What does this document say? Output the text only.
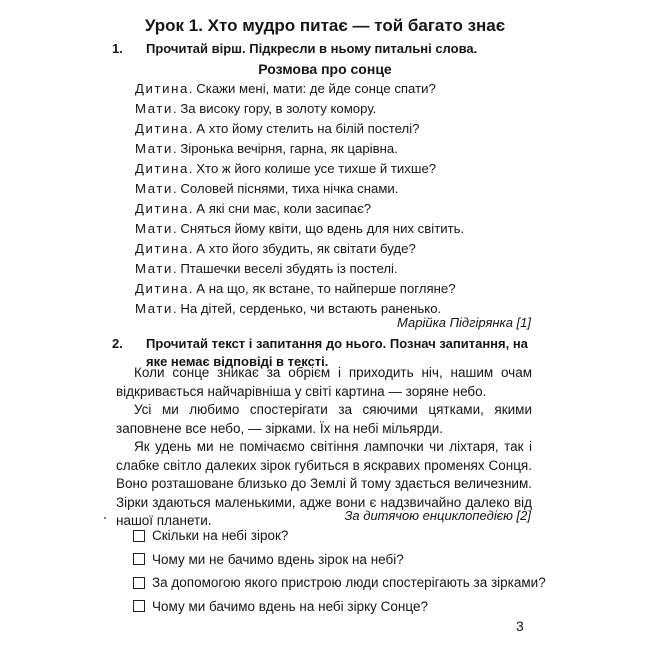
Урок 1. Хто мудро питає — той багато знає
1. Прочитай вірш. Підкресли в ньому питальні слова.
Розмова про сонце
Дитина. Скажи мені, мати: де йде сонце спати?
Мати. За високу гору, в золоту комору.
Дитина. А хто йому стелить на білій постелі?
Мати. Зіронька вечірня, гарна, як царівна.
Дитина. Хто ж його колише усе тихше й тихше?
Мати. Соловей піснями, тиха нічка снами.
Дитина. А які сни має, коли засипає?
Мати. Сняться йому квіти, що вдень для них світить.
Дитина. А хто його збудить, як світати буде?
Мати. Пташечки веселі збудять із постелі.
Дитина. А на що, як встане, то найперше погляне?
Мати. На дітей, серденько, чи встають раненько.
Марійка Підгірянка [1]
2. Прочитай текст і запитання до нього. Познач запитання, на яке немає відповіді в тексті.
Коли сонце зникає за обрієм і приходить ніч, нашим очам відкривається найчарівніша у світі картина — зоряне небо.
Усі ми любимо спостерігати за сяючими цятками, якими заповнене все небо, — зірками. Їх на небі мільярди.
Як удень ми не помічаємо світіння лампочки чи ліхтаря, так і слабке світло далеких зірок губиться в яскравих променях Сонця. Воно розташоване близько до Землі й тому здається величезним. Зірки здаються маленькими, адже вони є надзвичайно далеко від нашої планети.	За дитячою енциклопедією [2]
Скільки на небі зірок?
Чому ми не бачимо вдень зірок на небі?
За допомогою якого пристрою люди спостерігають за зірками?
Чому ми бачимо вдень на небі зірку Сонце?
3
